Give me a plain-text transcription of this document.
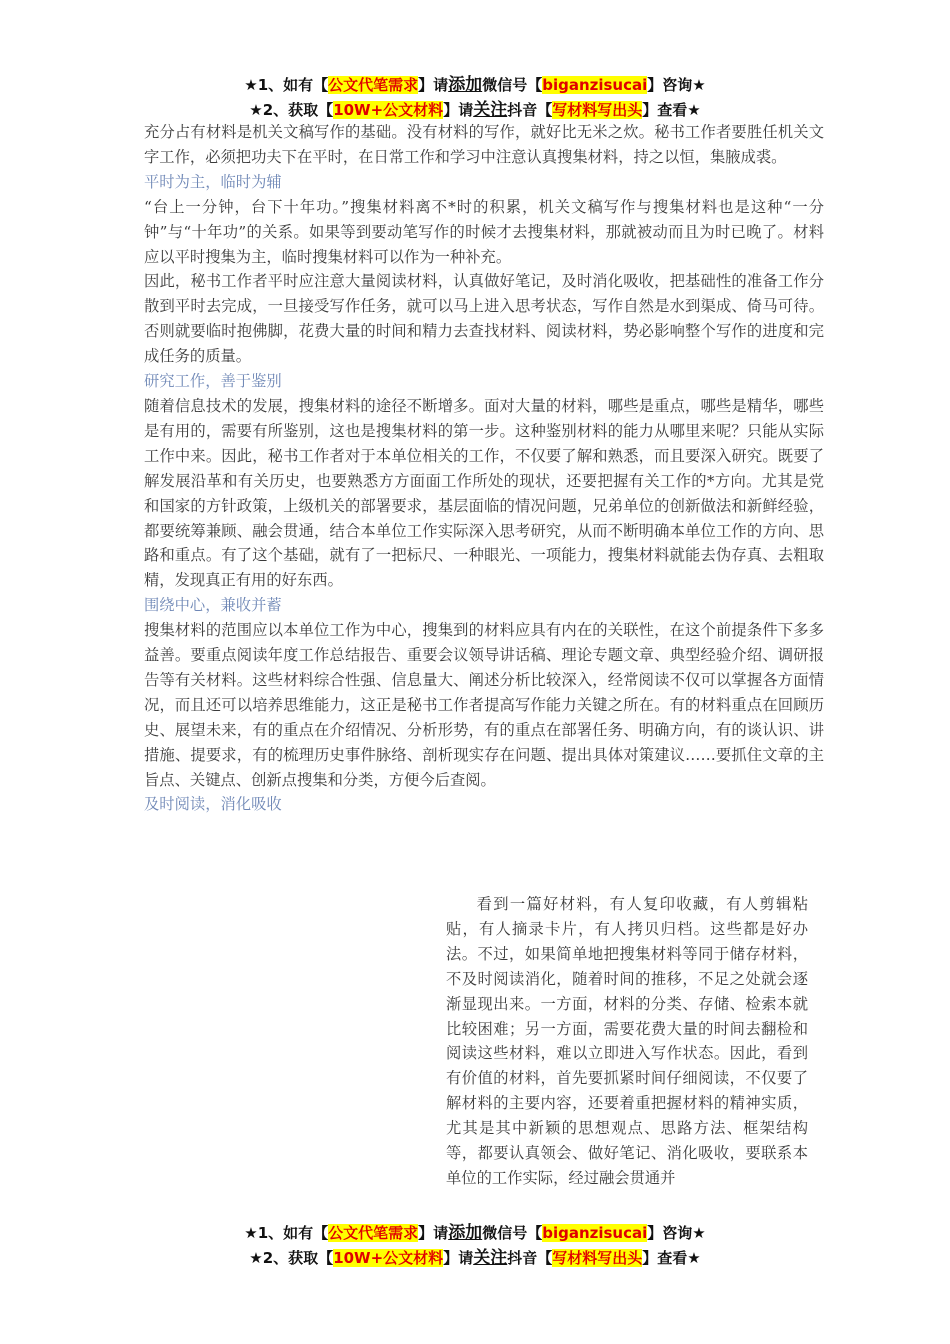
★1、如有【公文代笔需求】请添加微信号【biganzisucai】咨询★
★2、获取【10W+公文材料】请关注抖音【写材料写出头】查看★

充分占有材料是机关文稿写作的基础。没有材料的写作，就好比无米之炊。秘书工作者要胜任机关文字工作，必须把功夫下在平时，在日常工作和学习中注意认真搜集材料，持之以恒，集腋成裘。

平时为主，临时为辅

“台上一分钟，台下十年功。”搜集材料离不*时的积累，机关文稿写作与搜集材料也是这种“一分钟”与“十年功”的关系。如果等到要动笔写作的时候才去搜集材料，那就被动而且为时已晚了。材料应以平时搜集为主，临时搜集材料可以作为一种补充。

因此，秘书工作者平时应注意大量阅读材料，认真做好笔记，及时消化吸收，把基础性的准备工作分散到平时去完成，一旦接受写作任务，就可以马上进入思考状态，写作自然是水到渠成、倚马可待。否则就要临时抱佛脚，花费大量的时间和精力去查找材料、阅读材料，势必影响整个写作的进度和完成任务的质量。

研究工作，善于鉴别

随着信息技术的发展，搜集材料的途径不断增多。面对大量的材料，哪些是重点，哪些是精华，哪些是有用的，需要有所鉴别，这也是搜集材料的第一步。这种鉴别材料的能力从哪里来呢？只能从实际工作中来。因此，秘书工作者对于本单位相关的工作，不仅要了解和熟悉，而且要深入研究。既要了解发展沿革和有关历史，也要熟悉方方面面工作所处的现状，还要把握有关工作的*方向。尤其是党和国家的方针政策，上级机关的部署要求，基层面临的情况问题，兄弟单位的创新做法和新鲜经验，都要统筹兼顾、融会贯通，结合本单位工作实际深入思考研究，从而不断明确本单位工作的方向、思路和重点。有了这个基础，就有了一把标尺、一种眼光、一项能力，搜集材料就能去伪存真、去粗取精，发现真正有用的好东西。

围绕中心，兼收并蓄

搜集材料的范围应以本单位工作为中心，搜集到的材料应具有内在的关联性，在这个前提条件下多多益善。要重点阅读年度工作总结报告、重要会议领导讲话稿、理论专题文章、典型经验介绍、调研报告等有关材料。这些材料综合性强、信息量大、阐述分析比较深入，经常阅读不仅可以掌握各方面情况，而且还可以培养思维能力，这正是秘书工作者提高写作能力关键之所在。有的材料重点在回顾历史、展望未来，有的重点在介绍情况、分析形势，有的重点在部署任务、明确方向，有的谈认识、讲措施、提要求，有的梳理历史事件脉络、剖析现实存在问题、提出具体对策建议……要抓住文章的主旨点、关键点、创新点搜集和分类，方便今后查阅。

及时阅读，消化吸收

看到一篇好材料，有人复印收藏，有人剪辑粘贴，有人摘录卡片，有人拷贝归档。这些都是好办法。不过，如果简单地把搜集材料等同于储存材料，不及时阅读消化，随着时间的推移，不足之处就会逐渐显现出来。一方面，材料的分类、存储、检索本就比较困难；另一方面，需要花费大量的时间去翻检和阅读这些材料，难以立即进入写作状态。因此，看到有价值的材料，首先要抓紧时间仔细阅读，不仅要了解材料的主要内容，还要着重把握材料的精神实质，尤其是其中新颖的思想观点、思路方法、框架结构等，都要认真领会、做好笔记、消化吸收，要联系本单位的工作实际，经过融会贯通并

★1、如有【公文代笔需求】请添加微信号【biganzisucai】咨询★
★2、获取【10W+公文材料】请关注抖音【写材料写出头】查看★
